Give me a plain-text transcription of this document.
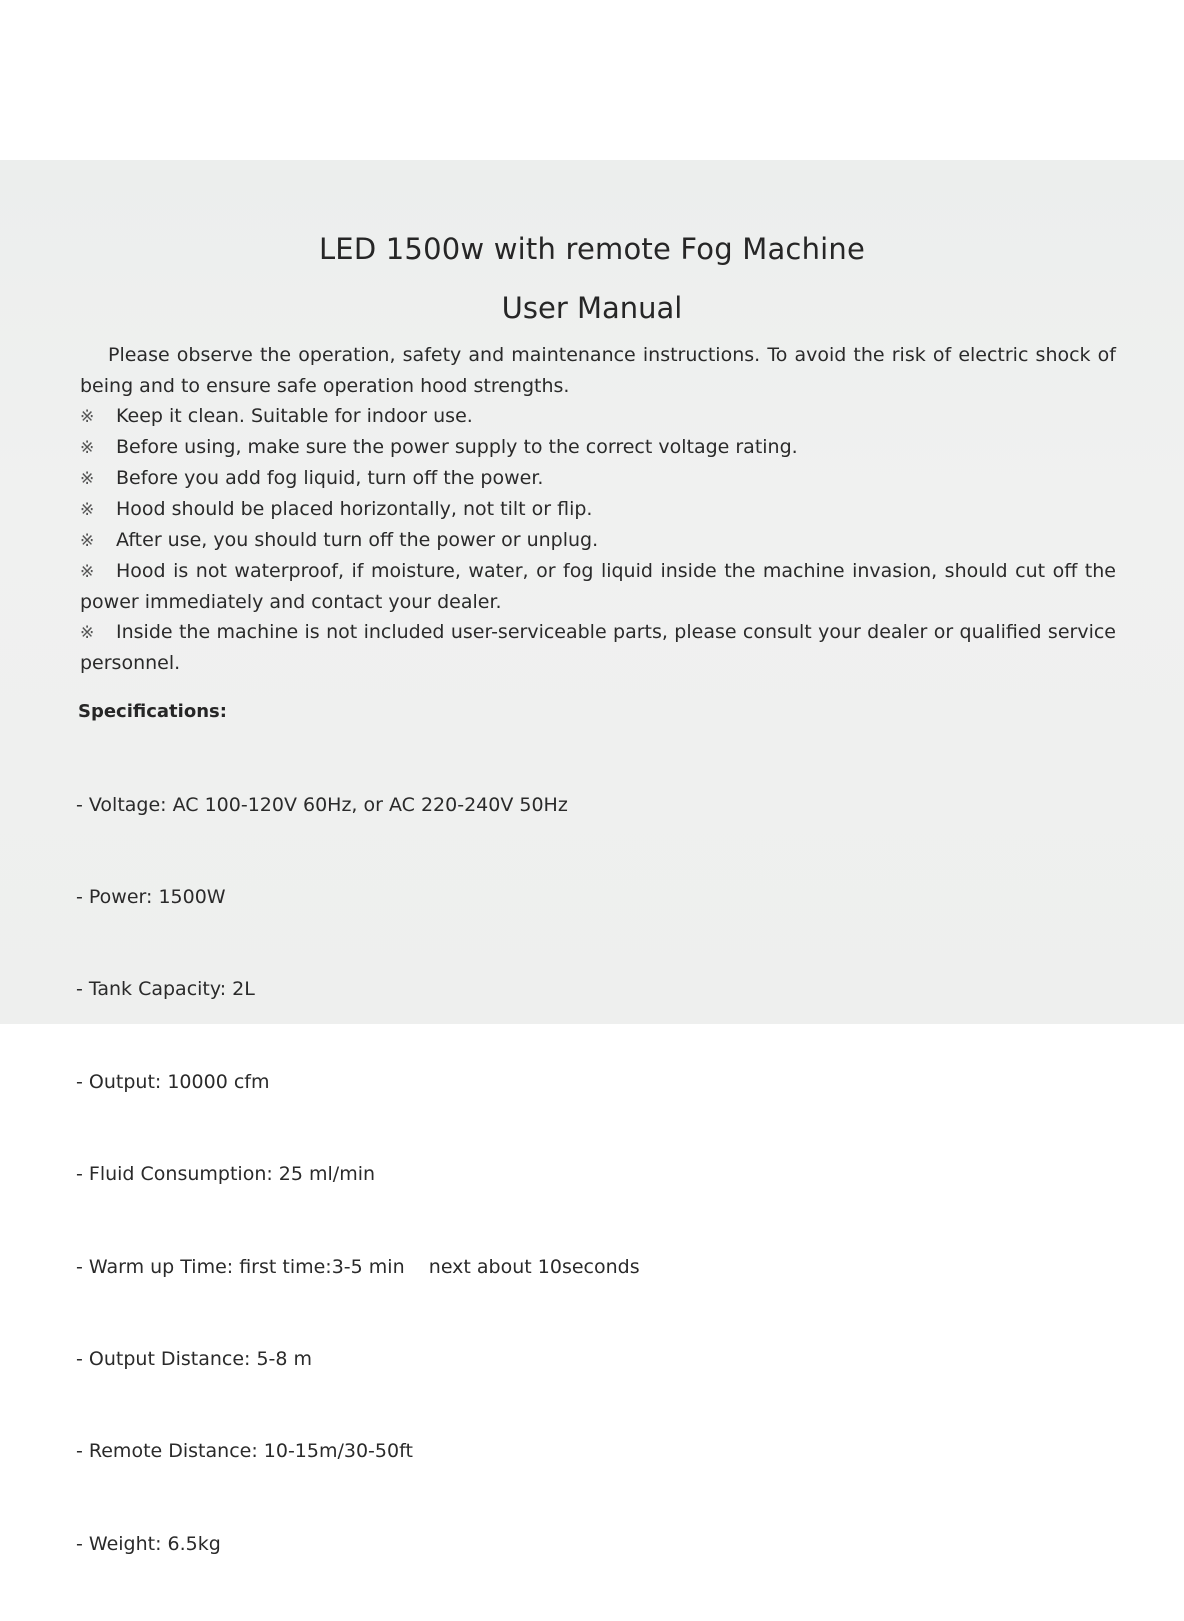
LED 1500w with remote Fog Machine
User Manual

Please observe the operation, safety and maintenance instructions. To avoid the risk of electric shock of being and to ensure safe operation hood strengths.

※ Keep it clean. Suitable for indoor use.
※ Before using, make sure the power supply to the correct voltage rating.
※ Before you add fog liquid, turn off the power.
※ Hood should be placed horizontally, not tilt or flip.
※ After use, you should turn off the power or unplug.
※ Hood is not waterproof, if moisture, water, or fog liquid inside the machine invasion, should cut off the power immediately and contact your dealer.
※ Inside the machine is not included user-serviceable parts, please consult your dealer or qualified service personnel.
Specifications:

- Voltage: AC 100-120V 60Hz, or AC 220-240V 50Hz

- Power: 1500W

- Tank Capacity: 2L

- Output: 10000 cfm

- Fluid Consumption: 25 ml/min

- Warm up Time: first time:3-5 min    next about 10seconds

- Output Distance: 5-8 m

- Remote Distance: 10-15m/30-50ft

- Weight: 6.5kg
